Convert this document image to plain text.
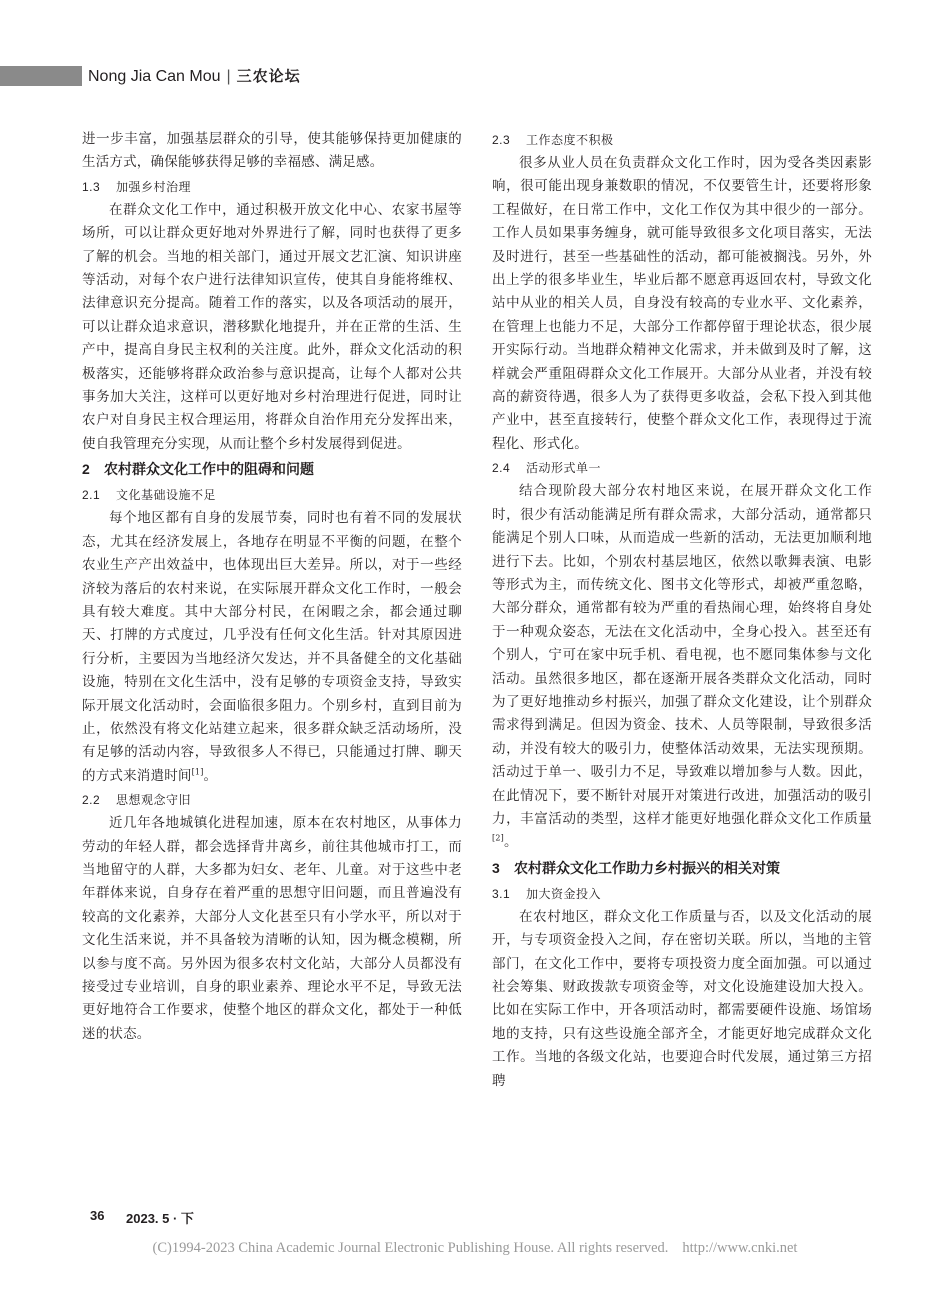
Nong Jia Can Mou | 三农论坛

进一步丰富，加强基层群众的引导，使其能够保持更加健康的生活方式，确保能够获得足够的幸福感、满足感。

1.3 加强乡村治理

在群众文化工作中，通过积极开放文化中心、农家书屋等场所，可以让群众更好地对外界进行了解，同时也获得了更多了解的机会。当地的相关部门，通过开展文艺汇演、知识讲座等活动，对每个农户进行法律知识宣传，使其自身能将维权、法律意识充分提高。随着工作的落实，以及各项活动的展开，可以让群众追求意识，潜移默化地提升，并在正常的生活、生产中，提高自身民主权利的关注度。此外，群众文化活动的积极落实，还能够将群众政治参与意识提高，让每个人都对公共事务加大关注，这样可以更好地对乡村治理进行促进，同时让农户对自身民主权合理运用，将群众自治作用充分发挥出来，使自我管理充分实现，从而让整个乡村发展得到促进。

2 农村群众文化工作中的阻碍和问题
2.1 文化基础设施不足

每个地区都有自身的发展节奏，同时也有着不同的发展状态，尤其在经济发展上，各地存在明显不平衡的问题，在整个农业生产产出效益中，也体现出巨大差异。所以，对于一些经济较为落后的农村来说，在实际展开群众文化工作时，一般会具有较大难度。其中大部分村民，在闲暇之余，都会通过聊天、打牌的方式度过，几乎没有任何文化生活。针对其原因进行分析，主要因为当地经济欠发达，并不具备健全的文化基础设施，特别在文化生活中，没有足够的专项资金支持，导致实际开展文化活动时，会面临很多阻力。个别乡村，直到目前为止，依然没有将文化站建立起来，很多群众缺乏活动场所，没有足够的活动内容，导致很多人不得已，只能通过打牌、聊天的方式来消遣时间[1]。

2.2 思想观念守旧

近几年各地城镇化进程加速，原本在农村地区，从事体力劳动的年轻人群，都会选择背井离乡，前往其他城市打工，而当地留守的人群，大多都为妇女、老年、儿童。对于这些中老年群体来说，自身存在着严重的思想守旧问题，而且普遍没有较高的文化素养，大部分人文化甚至只有小学水平，所以对于文化生活来说，并不具备较为清晰的认知，因为概念模糊，所以参与度不高。另外因为很多农村文化站，大部分人员都没有接受过专业培训，自身的职业素养、理论水平不足，导致无法更好地符合工作要求，使整个地区的群众文化，都处于一种低迷的状态。

2.3 工作态度不积极

很多从业人员在负责群众文化工作时，因为受各类因素影响，很可能出现身兼数职的情况，不仅要管生计，还要将形象工程做好，在日常工作中，文化工作仅为其中很少的一部分。工作人员如果事务缠身，就可能导致很多文化项目落实，无法及时进行，甚至一些基础性的活动，都可能被搁浅。另外，外出上学的很多毕业生，毕业后都不愿意再返回农村，导致文化站中从业的相关人员，自身没有较高的专业水平、文化素养，在管理上也能力不足，大部分工作都停留于理论状态，很少展开实际行动。当地群众精神文化需求，并未做到及时了解，这样就会严重阻碍群众文化工作展开。大部分从业者，并没有较高的薪资待遇，很多人为了获得更多收益，会私下投入到其他产业中，甚至直接转行，使整个群众文化工作，表现得过于流程化、形式化。

2.4 活动形式单一

结合现阶段大部分农村地区来说，在展开群众文化工作时，很少有活动能满足所有群众需求，大部分活动，通常都只能满足个别人口味，从而造成一些新的活动，无法更加顺利地进行下去。比如，个别农村基层地区，依然以歌舞表演、电影等形式为主，而传统文化、图书文化等形式，却被严重忽略，大部分群众，通常都有较为严重的看热闹心理，始终将自身处于一种观众姿态，无法在文化活动中，全身心投入。甚至还有个别人，宁可在家中玩手机、看电视，也不愿同集体参与文化活动。虽然很多地区，都在逐渐开展各类群众文化活动，同时为了更好地推动乡村振兴，加强了群众文化建设，让个别群众需求得到满足。但因为资金、技术、人员等限制，导致很多活动，并没有较大的吸引力，使整体活动效果，无法实现预期。活动过于单一、吸引力不足，导致难以增加参与人数。因此，在此情况下，要不断针对展开对策进行改进，加强活动的吸引力，丰富活动的类型，这样才能更好地强化群众文化工作质量[2]。

3 农村群众文化工作助力乡村振兴的相关对策
3.1 加大资金投入

在农村地区，群众文化工作质量与否，以及文化活动的展开，与专项资金投入之间，存在密切关联。所以，当地的主管部门，在文化工作中，要将专项投资力度全面加强。可以通过社会筹集、财政拨款专项资金等，对文化设施建设加大投入。比如在实际工作中，开各项活动时，都需要硬件设施、场馆场地的支持，只有这些设施全部齐全，才能更好地完成群众文化工作。当地的各级文化站，也要迎合时代发展，通过第三方招聘

36 2023. 5 · 下
(C)1994-2023 China Academic Journal Electronic Publishing House. All rights reserved. http://www.cnki.net
